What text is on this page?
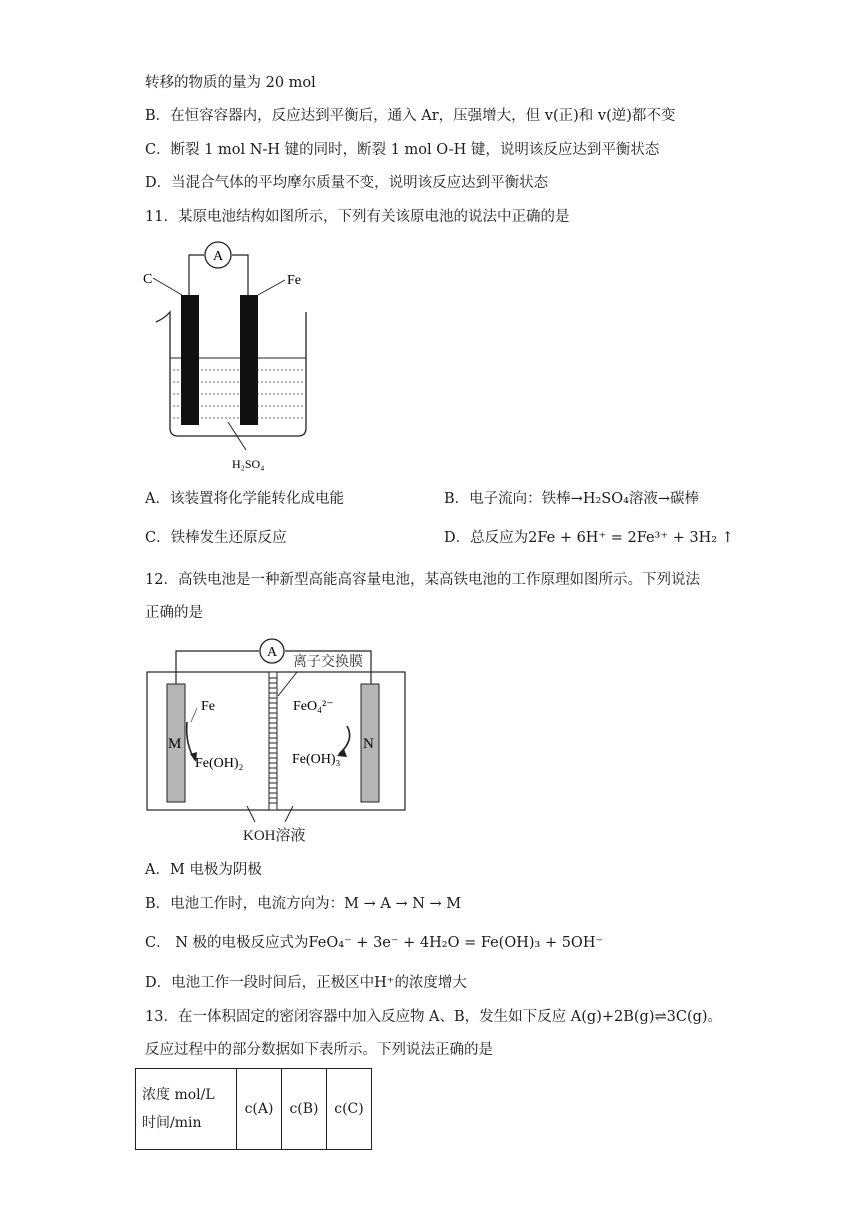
转移的物质的量为 20 mol
B．在恒容容器内，反应达到平衡后，通入 Ar，压强增大，但 v(正)和 v(逆)都不变
C．断裂 1 mol N-H 键的同时，断裂 1 mol O-H 键，说明该反应达到平衡状态
D．当混合气体的平均摩尔质量不变，说明该反应达到平衡状态
11．某原电池结构如图所示，下列有关该原电池的说法中正确的是
A
C	Fe
H₂SO₄
A．该装置将化学能转化成电能	B．电子流向：铁棒→H₂SO₄溶液→碳棒
C．铁棒发生还原反应	D．总反应为2Fe + 6H⁺ = 2Fe³⁺ + 3H₂ ↑
12．高铁电池是一种新型高能高容量电池，某高铁电池的工作原理如图所示。下列说法
正确的是
A
离子交换膜
M	N
Fe
Fe(OH)₂
FeO₄²⁻
Fe(OH)₃
KOH溶液
A．M 电极为阴极
B．电池工作时，电流方向为：M → A → N → M
C． N 极的电极反应式为FeO₄⁻ + 3e⁻ + 4H₂O = Fe(OH)₃ + 5OH⁻
D．电池工作一段时间后，正极区中H⁺的浓度增大
13．在一体积固定的密闭容器中加入反应物 A、B，发生如下反应 A(g)+2B(g)⇌3C(g)。
反应过程中的部分数据如下表所示。下列说法正确的是
浓度 mol/L
时间/min
	c(A)	c(B)	c(C)
